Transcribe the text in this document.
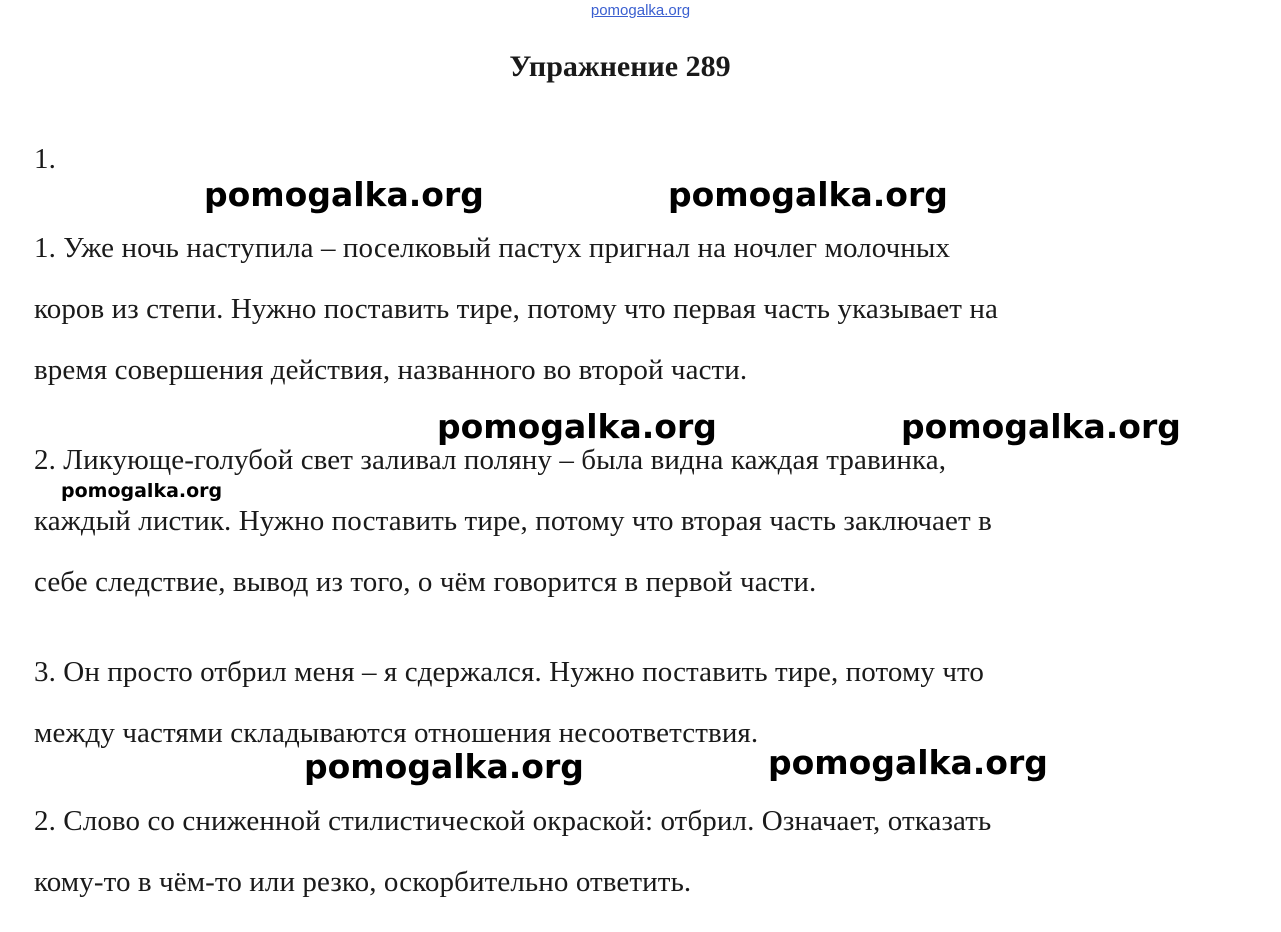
pomogalka.org
Упражнение 289
1.
1. Уже ночь наступила – поселковый пастух пригнал на ночлег молочных
коров из степи. Нужно поставить тире, потому что первая часть указывает на
время совершения действия, названного во второй части.
2. Ликующе-голубой свет заливал поляну – была видна каждая травинка,
каждый листик. Нужно поставить тире, потому что вторая часть заключает в
себе следствие, вывод из того, о чём говорится в первой части.
3. Он просто отбрил меня – я сдержался. Нужно поставить тире, потому что
между частями складываются отношения несоответствия.
2. Слово со сниженной стилистической окраской: отбрил. Означает, отказать
кому-то в чём-то или резко, оскорбительно ответить.
pomogalka.org	pomogalka.org
pomogalka.org	pomogalka.org
pomogalka.org
pomogalka.org	pomogalka.org
